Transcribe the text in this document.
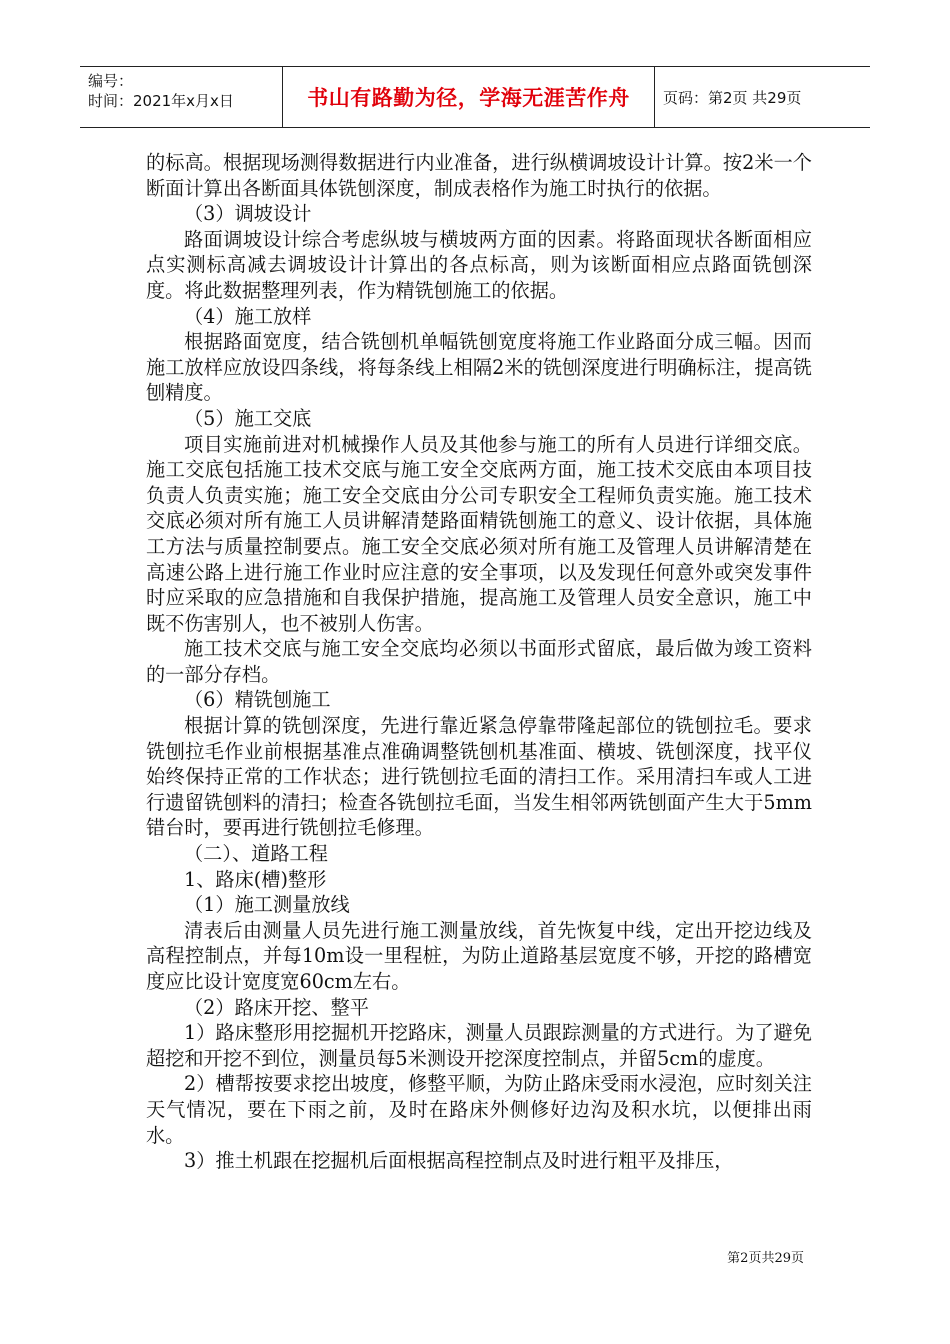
编号：
时间：2021年x月x日	书山有路勤为径，学海无涯苦作舟	页码：第2页 共29页

的标高。根据现场测得数据进行内业准备，进行纵横调坡设计计算。按2米一个断面计算出各断面具体铣刨深度，制成表格作为施工时执行的依据。

（3）调坡设计

路面调坡设计综合考虑纵坡与横坡两方面的因素。将路面现状各断面相应点实测标高减去调坡设计计算出的各点标高，则为该断面相应点路面铣刨深度。将此数据整理列表，作为精铣刨施工的依据。

（4）施工放样

根据路面宽度，结合铣刨机单幅铣刨宽度将施工作业路面分成三幅。因而施工放样应放设四条线，将每条线上相隔2米的铣刨深度进行明确标注，提高铣刨精度。

（5）施工交底

项目实施前进对机械操作人员及其他参与施工的所有人员进行详细交底。施工交底包括施工技术交底与施工安全交底两方面，施工技术交底由本项目技负责人负责实施；施工安全交底由分公司专职安全工程师负责实施。施工技术交底必须对所有施工人员讲解清楚路面精铣刨施工的意义、设计依据，具体施工方法与质量控制要点。施工安全交底必须对所有施工及管理人员讲解清楚在高速公路上进行施工作业时应注意的安全事项，以及发现任何意外或突发事件时应采取的应急措施和自我保护措施，提高施工及管理人员安全意识，施工中既不伤害别人，也不被别人伤害。

施工技术交底与施工安全交底均必须以书面形式留底，最后做为竣工资料的一部分存档。

（6）精铣刨施工

根据计算的铣刨深度，先进行靠近紧急停靠带隆起部位的铣刨拉毛。要求铣刨拉毛作业前根据基准点准确调整铣刨机基准面、横坡、铣刨深度，找平仪始终保持正常的工作状态；进行铣刨拉毛面的清扫工作。采用清扫车或人工进行遗留铣刨料的清扫；检查各铣刨拉毛面，当发生相邻两铣刨面产生大于5mm错台时，要再进行铣刨拉毛修理。

（二）、道路工程

1、路床(槽)整形

（1）施工测量放线

清表后由测量人员先进行施工测量放线，首先恢复中线，定出开挖边线及高程控制点，并每10m设一里程桩，为防止道路基层宽度不够，开挖的路槽宽度应比设计宽度宽60cm左右。

（2）路床开挖、整平

1）路床整形用挖掘机开挖路床，测量人员跟踪测量的方式进行。为了避免超挖和开挖不到位，测量员每5米测设开挖深度控制点，并留5cm的虚度。

2）槽帮按要求挖出坡度，修整平顺，为防止路床受雨水浸泡，应时刻关注天气情况，要在下雨之前，及时在路床外侧修好边沟及积水坑，以便排出雨水。

3）推土机跟在挖掘机后面根据高程控制点及时进行粗平及排压，

第2页共29页
